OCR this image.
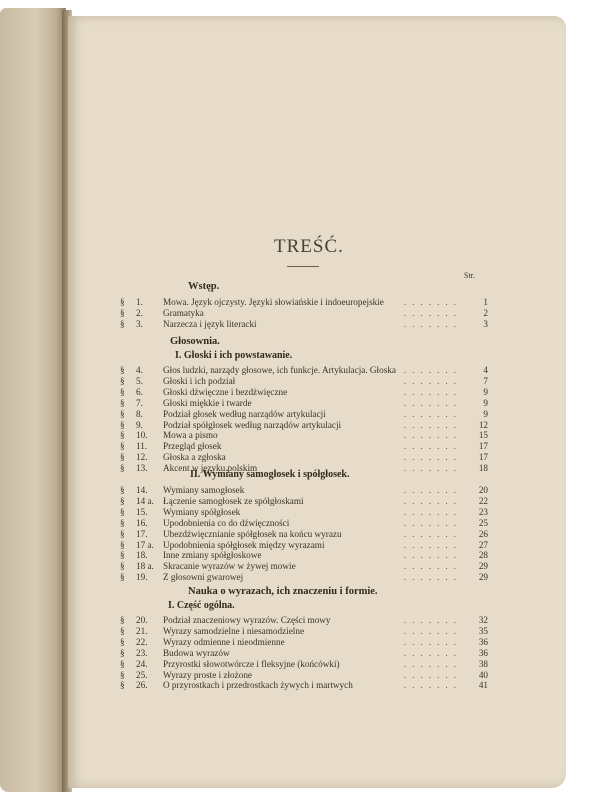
TREŚĆ.
Str.
Wstęp.
§	1.	Mowa. Język ojczysty. Języki słowiańskie i indoeuropejskie	.......	1
§	2.	Gramatyka	.......	2
§	3.	Narzecza i język literacki	.......	3
Głosownia.
I. Głoski i ich powstawanie.
§	4.	Głos ludzki, narządy głosowe, ich funkcje. Artykulacja. Głoska .......	4
§	5.	Głoski i ich podział	.......	7
§	6.	Głoski dźwięczne i bezdźwięczne	.......	9
§	7.	Głoski miękkie i twarde	.......	9
§	8.	Podział głosek według narządów artykulacji	.......	9
§	9.	Podział spółgłosek według narządów artykulacji	.......	12
§	10.	Mowa a pismo	.......	15
§	11.	Przegląd głosek	.......	17
§	12.	Głoska a zgłoska	.......	17
§	13.	Akcent w języku polskim	.......	18
II. Wymiany samogłosek i spółgłosek.
§	14.	Wymiany samogłosek	.......	20
§	14 a. Łączenie samogłosek ze spółgłoskami	.......	22
§	15.	Wymiany spółgłosek	.......	23
§	16.	Upodobnienia co do dźwięczności	.......	25
§	17.	Ubezdźwięcznianie spółgłosek na końcu wyrazu	.......	26
§	17 a. Upodobnienia spółgłosek między wyrazami	.......	27
§	18.	Inne zmiany spółgłoskowe	.......	28
§	18 a. Skracanie wyrazów w żywej mowie	.......	29
§	19.	Z głosowni gwarowej	.......	29
Nauka o wyrazach, ich znaczeniu i formie.
I. Część ogólna.
§	20.	Podział znaczeniowy wyrazów. Części mowy	.......	32
§	21.	Wyrazy samodzielne i niesamodzielne	.......	35
§	22.	Wyrazy odmienne i nieodmienne	.......	36
§	23.	Budowa wyrazów	.......	36
§	24.	Przyrostki słowotwórcze i fleksyjne (końcówki)	.......	38
§	25.	Wyrazy proste i złożone	.......	40
§	26.	O przyrostkach i przedrostkach żywych i martwych	.......	41
